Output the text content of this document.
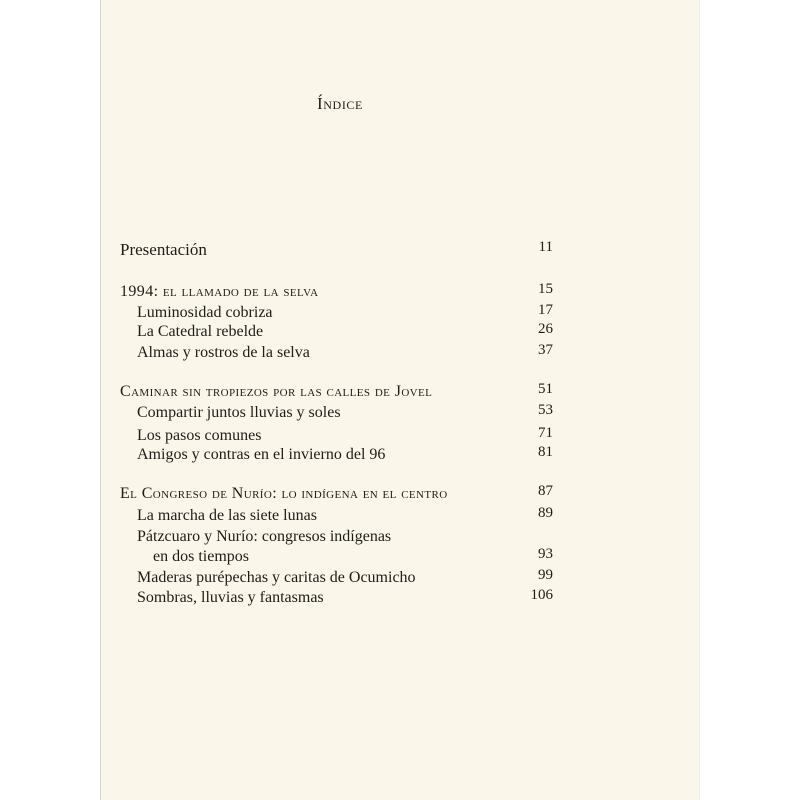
Índice
Presentación	11
1994: el llamado de la selva	15
Luminosidad cobriza	17
La Catedral rebelde	26
Almas y rostros de la selva	37
Caminar sin tropiezos por las calles de Jovel	51
Compartir juntos lluvias y soles	53
Los pasos comunes	71
Amigos y contras en el invierno del 96	81
El Congreso de Nurío: lo indígena en el centro	87
La marcha de las siete lunas	89
Pátzcuaro y Nurío: congresos indígenas
en dos tiempos	93
Maderas purépechas y caritas de Ocumicho	99
Sombras, lluvias y fantasmas	106
